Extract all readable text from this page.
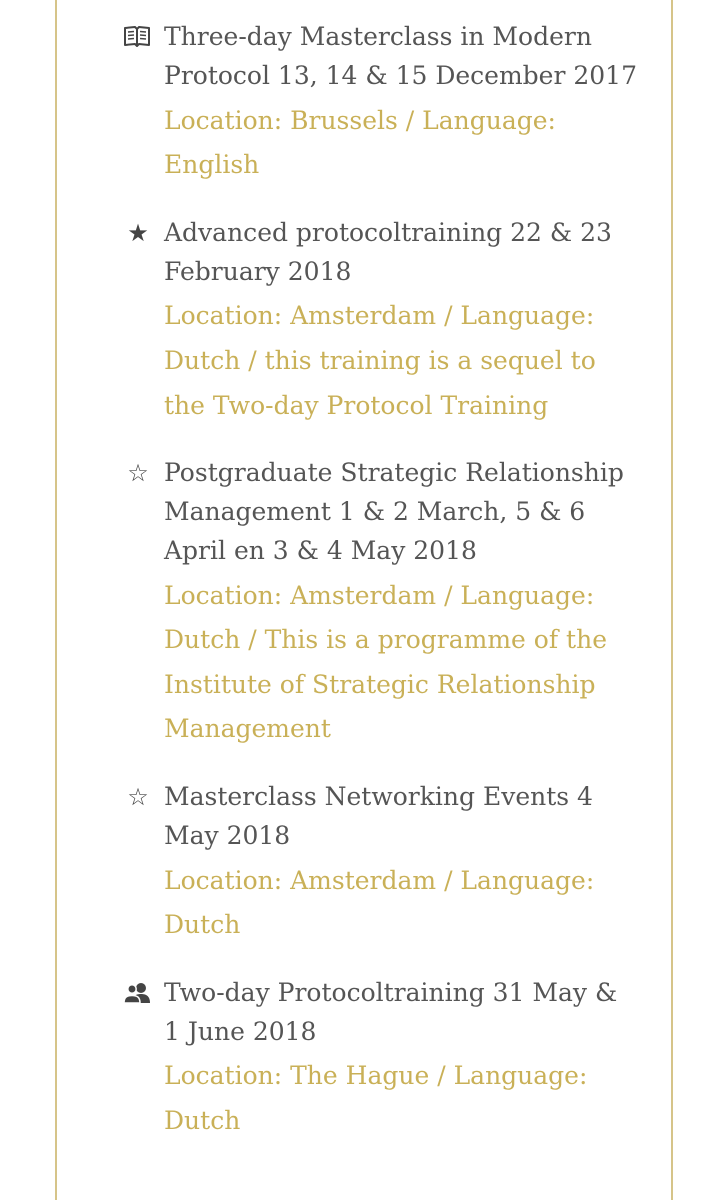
Three-day Masterclass in Modern Protocol 13, 14 & 15 December 2017

Location: Brussels / Language: English

★ Advanced protocoltraining 22 & 23 February 2018

Location: Amsterdam / Language: Dutch / this training is a sequel to the Two-day Protocol Training

☆ Postgraduate Strategic Relationship Management 1 & 2 March, 5 & 6 April en 3 & 4 May 2018

Location: Amsterdam / Language: Dutch / This is a programme of the Institute of Strategic Relationship Management

☆ Masterclass Networking Events 4 May 2018

Location: Amsterdam / Language: Dutch

Two-day Protocoltraining 31 May & 1 June 2018

Location: The Hague / Language: Dutch
